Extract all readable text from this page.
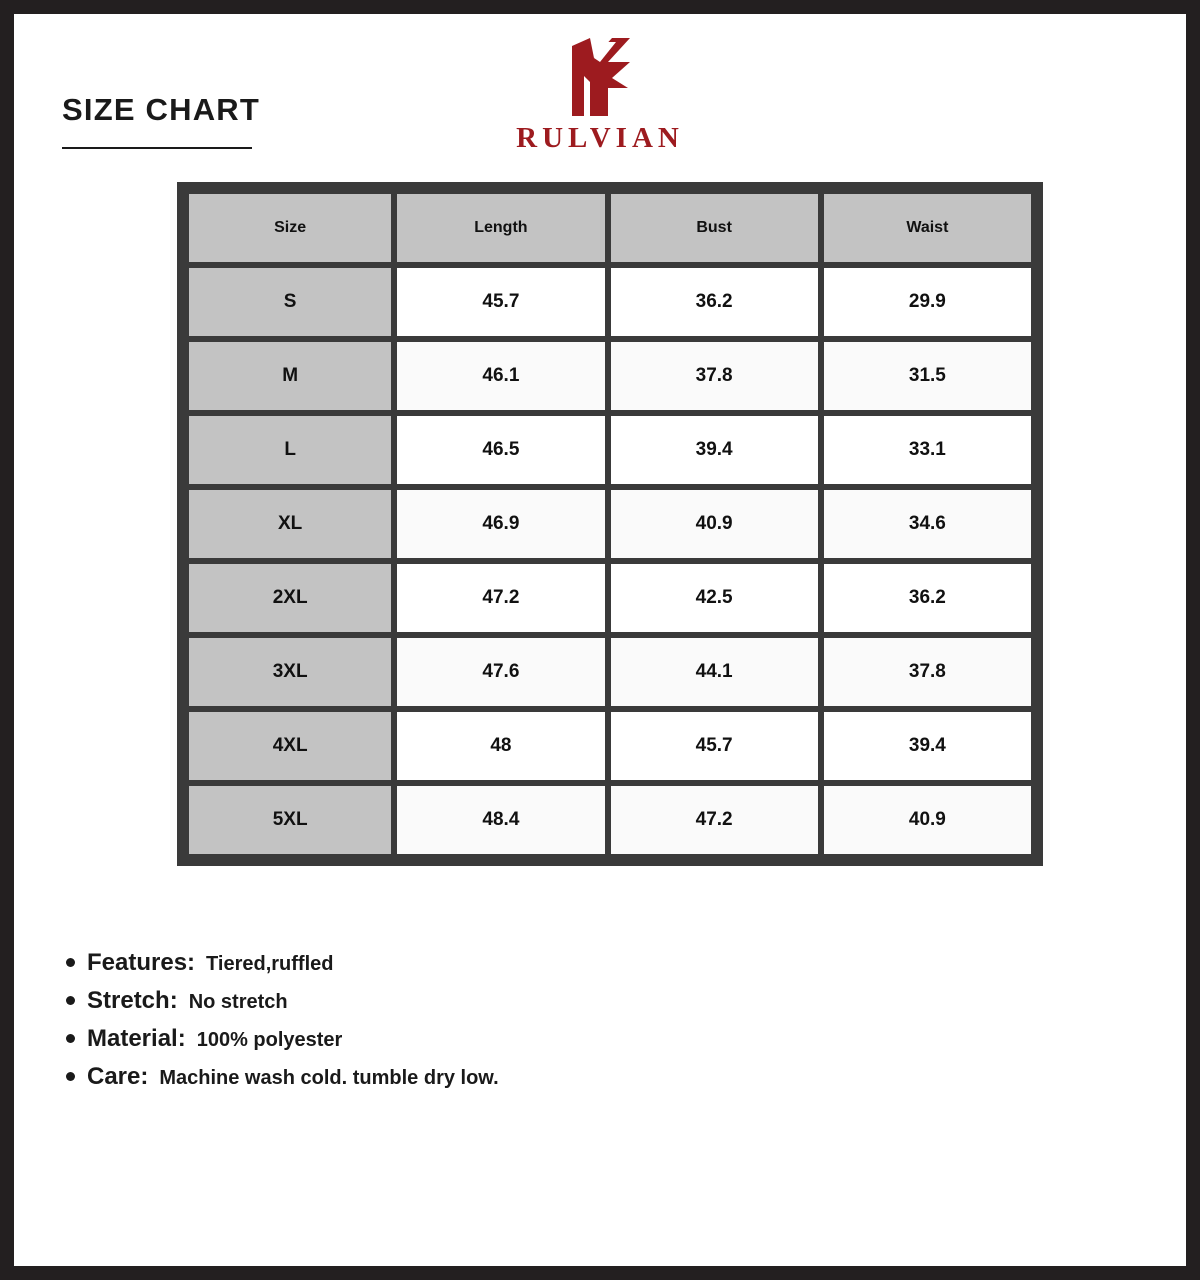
SIZE CHART
RULVIAN
Size	Length	Bust	Waist
S	45.7	36.2	29.9
M	46.1	37.8	31.5
L	46.5	39.4	33.1
XL	46.9	40.9	34.6
2XL	47.2	42.5	36.2
3XL	47.6	44.1	37.8
4XL	48	45.7	39.4
5XL	48.4	47.2	40.9
Features: Tiered,ruffled
Stretch: No stretch
Material: 100% polyester
Care: Machine wash cold. tumble dry low.
